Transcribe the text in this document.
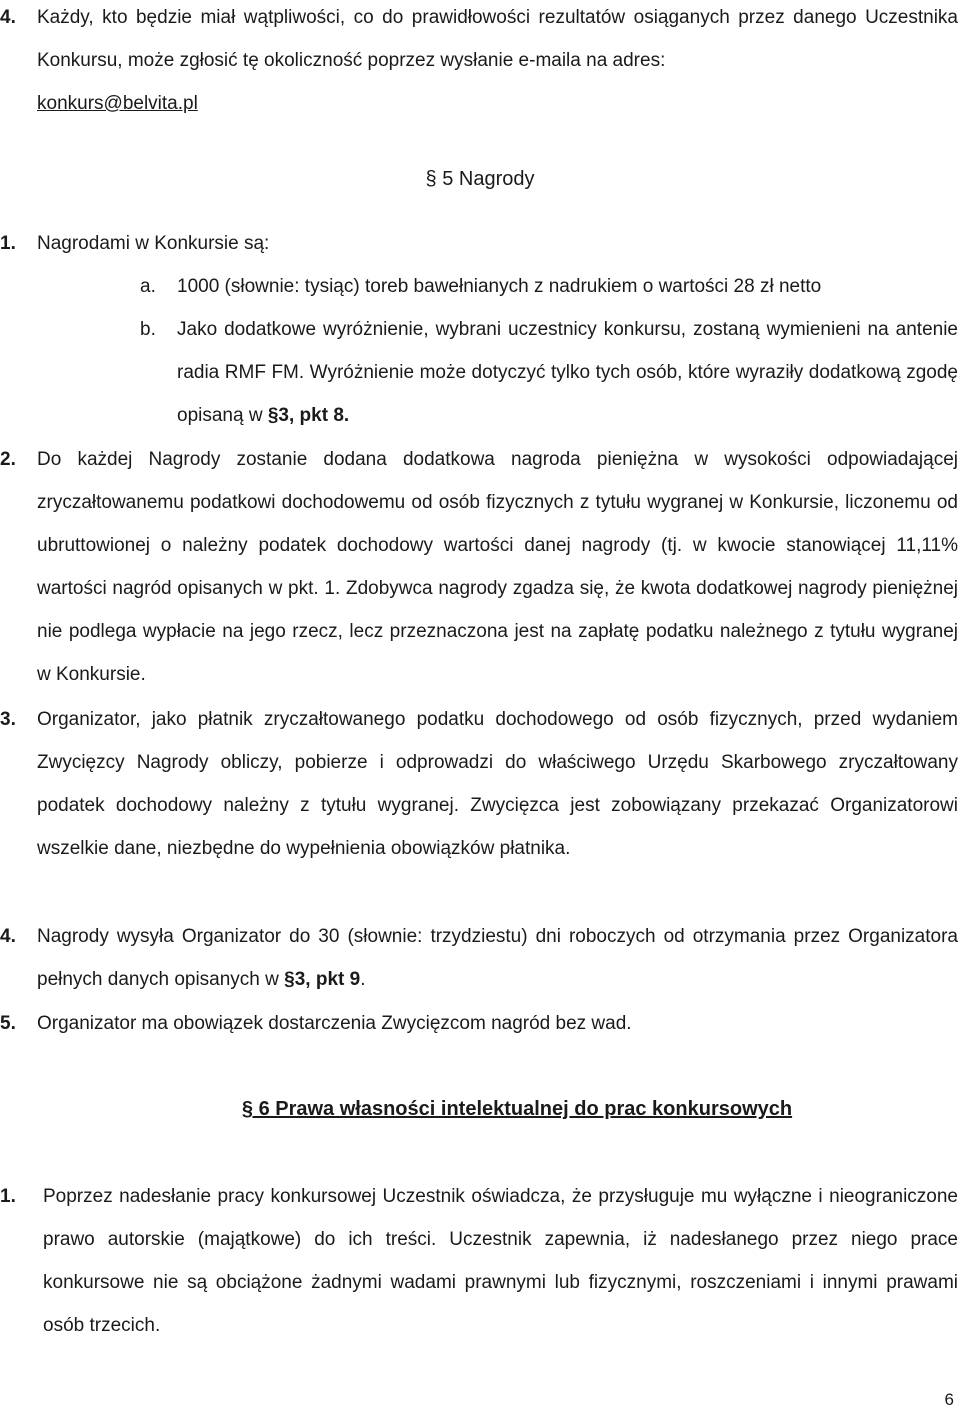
4. Każdy, kto będzie miał wątpliwości, co do prawidłowości rezultatów osiąganych przez danego Uczestnika Konkursu, może zgłosić tę okoliczność poprzez wysłanie e-maila na adres:
konkurs@belvita.pl
§ 5 Nagrody
1. Nagrodami w Konkursie są:
a. 1000 (słownie: tysiąc) toreb bawełnianych z nadrukiem o wartości 28 zł netto
b. Jako dodatkowe wyróżnienie, wybrani uczestnicy konkursu, zostaną wymienieni na antenie radia RMF FM. Wyróżnienie może dotyczyć tylko tych osób, które wyraziły dodatkową zgodę opisaną w §3, pkt 8.
2. Do każdej Nagrody zostanie dodana dodatkowa nagroda pieniężna w wysokości odpowiadającej zryczałtowanemu podatkowi dochodowemu od osób fizycznych z tytułu wygranej w Konkursie, liczonemu od ubruttowionej o należny podatek dochodowy wartości danej nagrody (tj. w kwocie stanowiącej 11,11% wartości nagród opisanych w pkt. 1. Zdobywca nagrody zgadza się, że kwota dodatkowej nagrody pieniężnej nie podlega wypłacie na jego rzecz, lecz przeznaczona jest na zapłatę podatku należnego z tytułu wygranej w Konkursie.
3. Organizator, jako płatnik zryczałtowanego podatku dochodowego od osób fizycznych, przed wydaniem Zwycięzcy Nagrody obliczy, pobierze i odprowadzi do właściwego Urzędu Skarbowego zryczałtowany podatek dochodowy należny z tytułu wygranej. Zwycięzca jest zobowiązany przekazać Organizatorowi wszelkie dane, niezbędne do wypełnienia obowiązków płatnika.
4. Nagrody wysyła Organizator do 30 (słownie: trzydziestu) dni roboczych od otrzymania przez Organizatora pełnych danych opisanych w §3, pkt 9.
5. Organizator ma obowiązek dostarczenia Zwycięzcom nagród bez wad.
§ 6 Prawa własności intelektualnej do prac konkursowych
1. Poprzez nadesłanie pracy konkursowej Uczestnik oświadcza, że przysługuje mu wyłączne i nieograniczone prawo autorskie (majątkowe) do ich treści. Uczestnik zapewnia, iż nadesłanego przez niego prace konkursowe nie są obciążone żadnymi wadami prawnymi lub fizycznymi, roszczeniami i innymi prawami osób trzecich.
6
